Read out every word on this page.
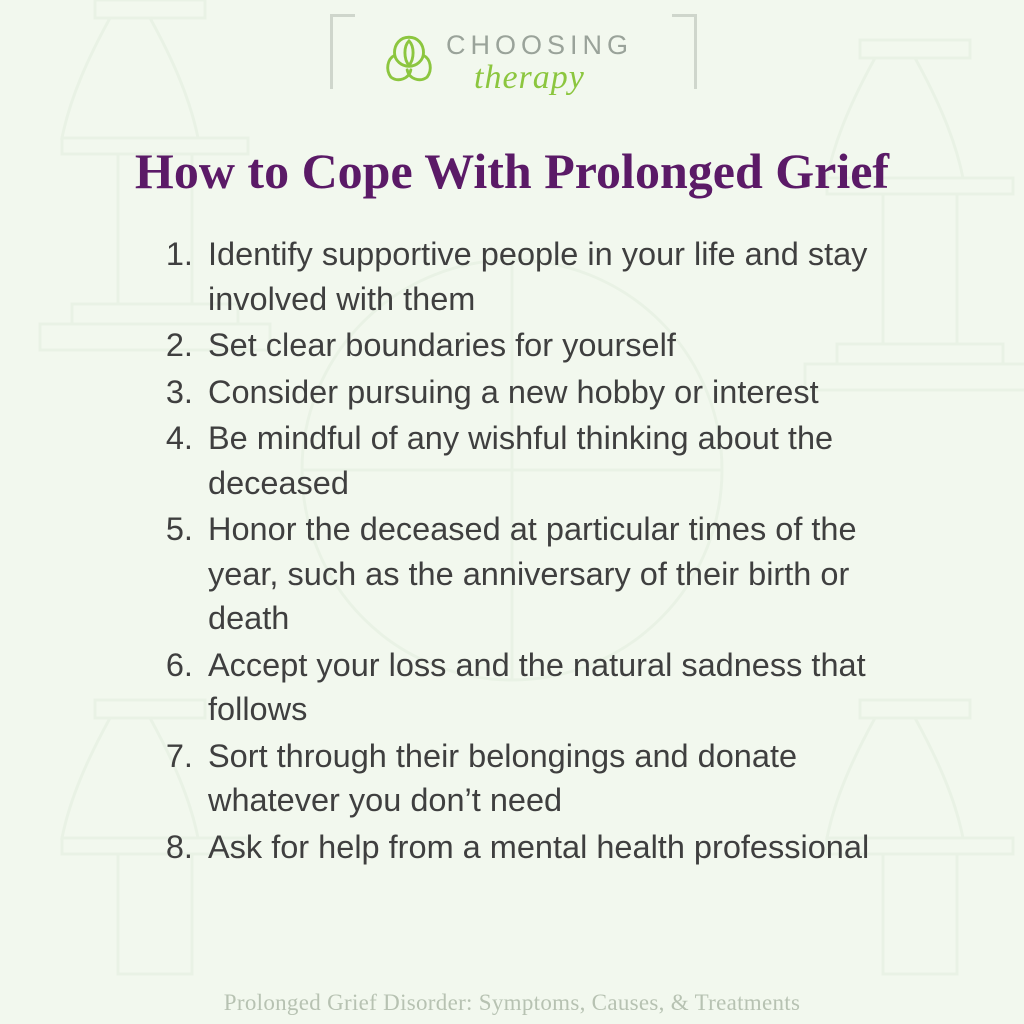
CHOOSING
therapy
How to Cope With Prolonged Grief
1. Identify supportive people in your life and stay involved with them
2. Set clear boundaries for yourself
3. Consider pursuing a new hobby or interest
4. Be mindful of any wishful thinking about the deceased
5. Honor the deceased at particular times of the year, such as the anniversary of their birth or death
6. Accept your loss and the natural sadness that follows
7. Sort through their belongings and donate whatever you don’t need
8. Ask for help from a mental health professional
Prolonged Grief Disorder: Symptoms, Causes, & Treatments
